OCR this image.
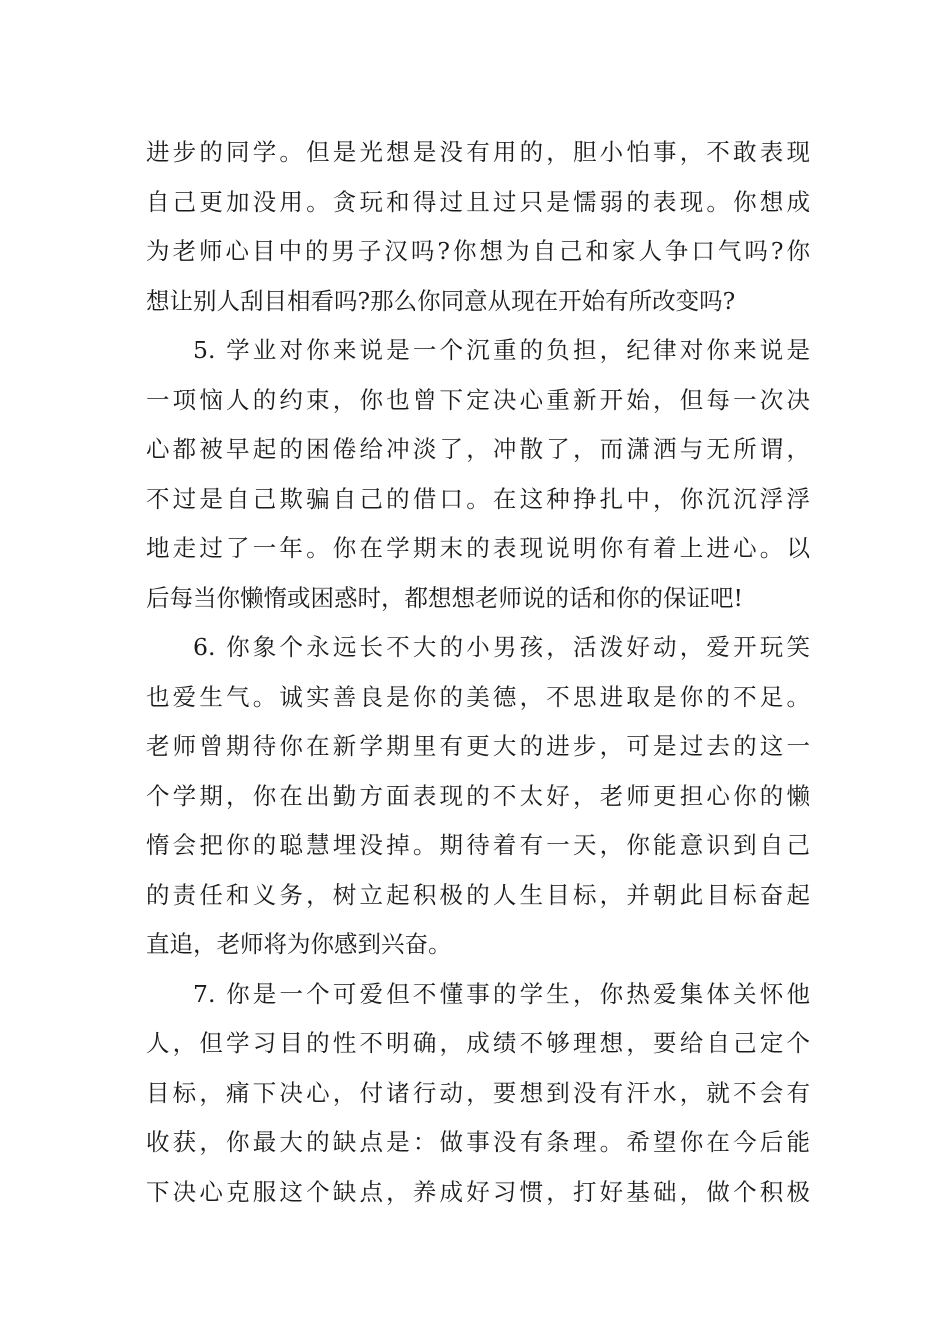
进步的同学。但是光想是没有用的，胆小怕事，不敢表现
自己更加没用。贪玩和得过且过只是懦弱的表现。你想成
为老师心目中的男子汉吗?你想为自己和家人争口气吗?你
想让别人刮目相看吗?那么你同意从现在开始有所改变吗?
5. 学业对你来说是一个沉重的负担，纪律对你来说是
一项恼人的约束，你也曾下定决心重新开始，但每一次决
心都被早起的困倦给冲淡了，冲散了，而潇洒与无所谓，
不过是自己欺骗自己的借口。在这种挣扎中，你沉沉浮浮
地走过了一年。你在学期末的表现说明你有着上进心。以
后每当你懒惰或困惑时，都想想老师说的话和你的保证吧!
6. 你象个永远长不大的小男孩，活泼好动，爱开玩笑
也爱生气。诚实善良是你的美德，不思进取是你的不足。
老师曾期待你在新学期里有更大的进步，可是过去的这一
个学期，你在出勤方面表现的不太好，老师更担心你的懒
惰会把你的聪慧埋没掉。期待着有一天，你能意识到自己
的责任和义务，树立起积极的人生目标，并朝此目标奋起
直追，老师将为你感到兴奋。
7. 你是一个可爱但不懂事的学生，你热爱集体关怀他
人，但学习目的性不明确，成绩不够理想，要给自己定个
目标，痛下决心，付诸行动，要想到没有汗水，就不会有
收获，你最大的缺点是：做事没有条理。希望你在今后能
下决心克服这个缺点，养成好习惯，打好基础，做个积极
